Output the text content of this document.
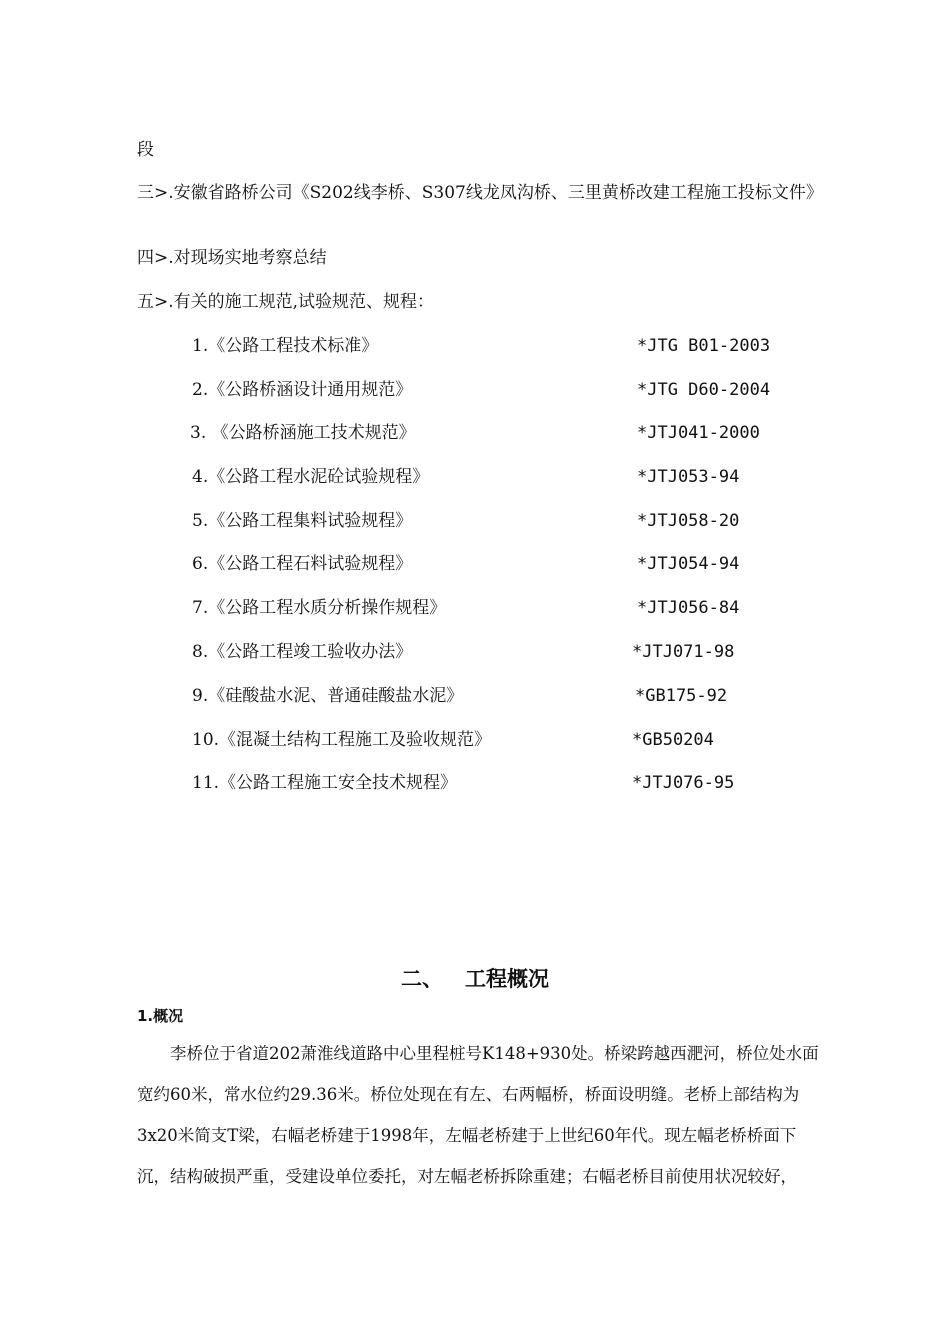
段
三>.安徽省路桥公司《S202线李桥、S307线龙凤沟桥、三里黄桥改建工程施工投标文件》
四>.对现场实地考察总结
五>.有关的施工规范,试验规范、规程：
1.《公路工程技术标准》	*JTG B01-2003
2.《公路桥涵设计通用规范》	*JTG D60-2004
3. 《公路桥涵施工技术规范》	*JTJ041-2000
4.《公路工程水泥砼试验规程》	*JTJ053-94
5.《公路工程集料试验规程》	*JTJ058-20
6.《公路工程石料试验规程》	*JTJ054-94
7.《公路工程水质分析操作规程》	*JTJ056-84
8.《公路工程竣工验收办法》	*JTJ071-98
9.《硅酸盐水泥、普通硅酸盐水泥》	*GB175-92
10.《混凝土结构工程施工及验收规范》	*GB50204
11.《公路工程施工安全技术规程》	*JTJ076-95
二、   工程概况
1.概况
李桥位于省道202萧淮线道路中心里程桩号K148+930处。桥梁跨越西淝河，桥位处水面
宽约60米，常水位约29.36米。桥位处现在有左、右两幅桥，桥面设明缝。老桥上部结构为
3x20米简支T梁，右幅老桥建于1998年，左幅老桥建于上世纪60年代。现左幅老桥桥面下
沉，结构破损严重，受建设单位委托，对左幅老桥拆除重建；右幅老桥目前使用状况较好，
